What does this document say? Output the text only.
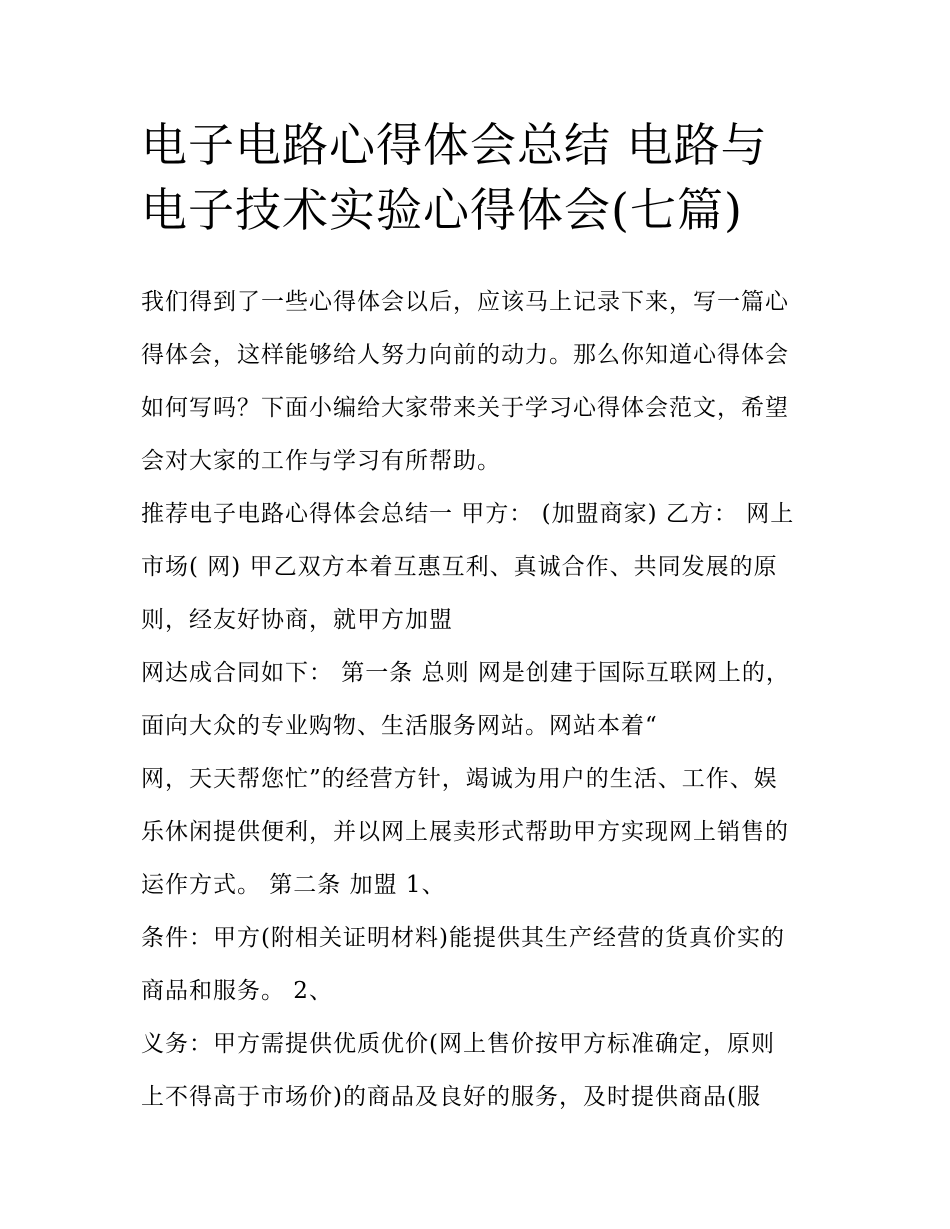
电子电路心得体会总结 电路与
电子技术实验心得体会(七篇)
我们得到了一些心得体会以后，应该马上记录下来，写一篇心
得体会，这样能够给人努力向前的动力。那么你知道心得体会
如何写吗？下面小编给大家带来关于学习心得体会范文，希望
会对大家的工作与学习有所帮助。
推荐电子电路心得体会总结一 甲方： (加盟商家) 乙方： 网上
市场( 网) 甲乙双方本着互惠互利、真诚合作、共同发展的原
则，经友好协商，就甲方加盟
网达成合同如下： 第一条 总则 网是创建于国际互联网上的，
面向大众的专业购物、生活服务网站。网站本着“
网，天天帮您忙”的经营方针，竭诚为用户的生活、工作、娱
乐休闲提供便利，并以网上展卖形式帮助甲方实现网上销售的
运作方式。 第二条 加盟 1、
条件：甲方(附相关证明材料)能提供其生产经营的货真价实的
商品和服务。 2、
义务：甲方需提供优质优价(网上售价按甲方标准确定，原则
上不得高于市场价)的商品及良好的服务，及时提供商品(服
